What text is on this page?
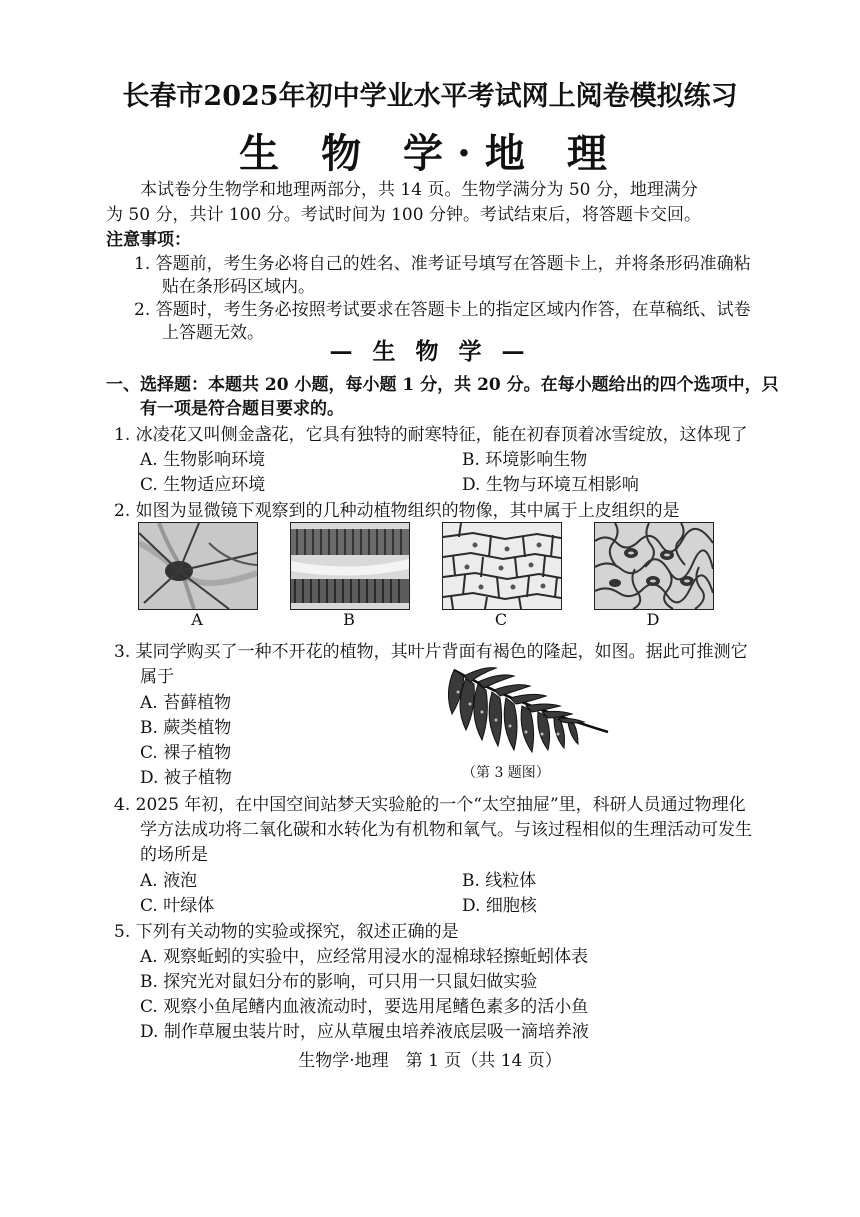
长春市2025年初中学业水平考试网上阅卷模拟练习
生 物 学·地 理
本试卷分生物学和地理两部分，共 14 页。生物学满分为 50 分，地理满分
为 50 分，共计 100 分。考试时间为 100 分钟。考试结束后，将答题卡交回。
注意事项：
1. 答题前，考生务必将自己的姓名、准考证号填写在答题卡上，并将条形码准确粘
贴在条形码区域内。
2. 答题时，考生务必按照考试要求在答题卡上的指定区域内作答，在草稿纸、试卷
上答题无效。
— 生 物 学 —
一、选择题：本题共 20 小题，每小题 1 分，共 20 分。在每小题给出的四个选项中，只
有一项是符合题目要求的。
1. 冰凌花又叫侧金盏花，它具有独特的耐寒特征，能在初春顶着冰雪绽放，这体现了
A. 生物影响环境	B. 环境影响生物
C. 生物适应环境	D. 生物与环境互相影响
2. 如图为显微镜下观察到的几种动植物组织的物像，其中属于上皮组织的是
A	B	C	D
3. 某同学购买了一种不开花的植物，其叶片背面有褐色的隆起，如图。据此可推测它
属于
A. 苔藓植物
B. 蕨类植物
C. 裸子植物
D. 被子植物	（第 3 题图）
4. 2025 年初，在中国空间站梦天实验舱的一个“太空抽屉”里，科研人员通过物理化
学方法成功将二氧化碳和水转化为有机物和氧气。与该过程相似的生理活动可发生
的场所是
A. 液泡	B. 线粒体
C. 叶绿体	D. 细胞核
5. 下列有关动物的实验或探究，叙述正确的是
A. 观察蚯蚓的实验中，应经常用浸水的湿棉球轻擦蚯蚓体表
B. 探究光对鼠妇分布的影响，可只用一只鼠妇做实验
C. 观察小鱼尾鳍内血液流动时，要选用尾鳍色素多的活小鱼
D. 制作草履虫装片时，应从草履虫培养液底层吸一滴培养液
生物学·地理　第 1 页（共 14 页）
